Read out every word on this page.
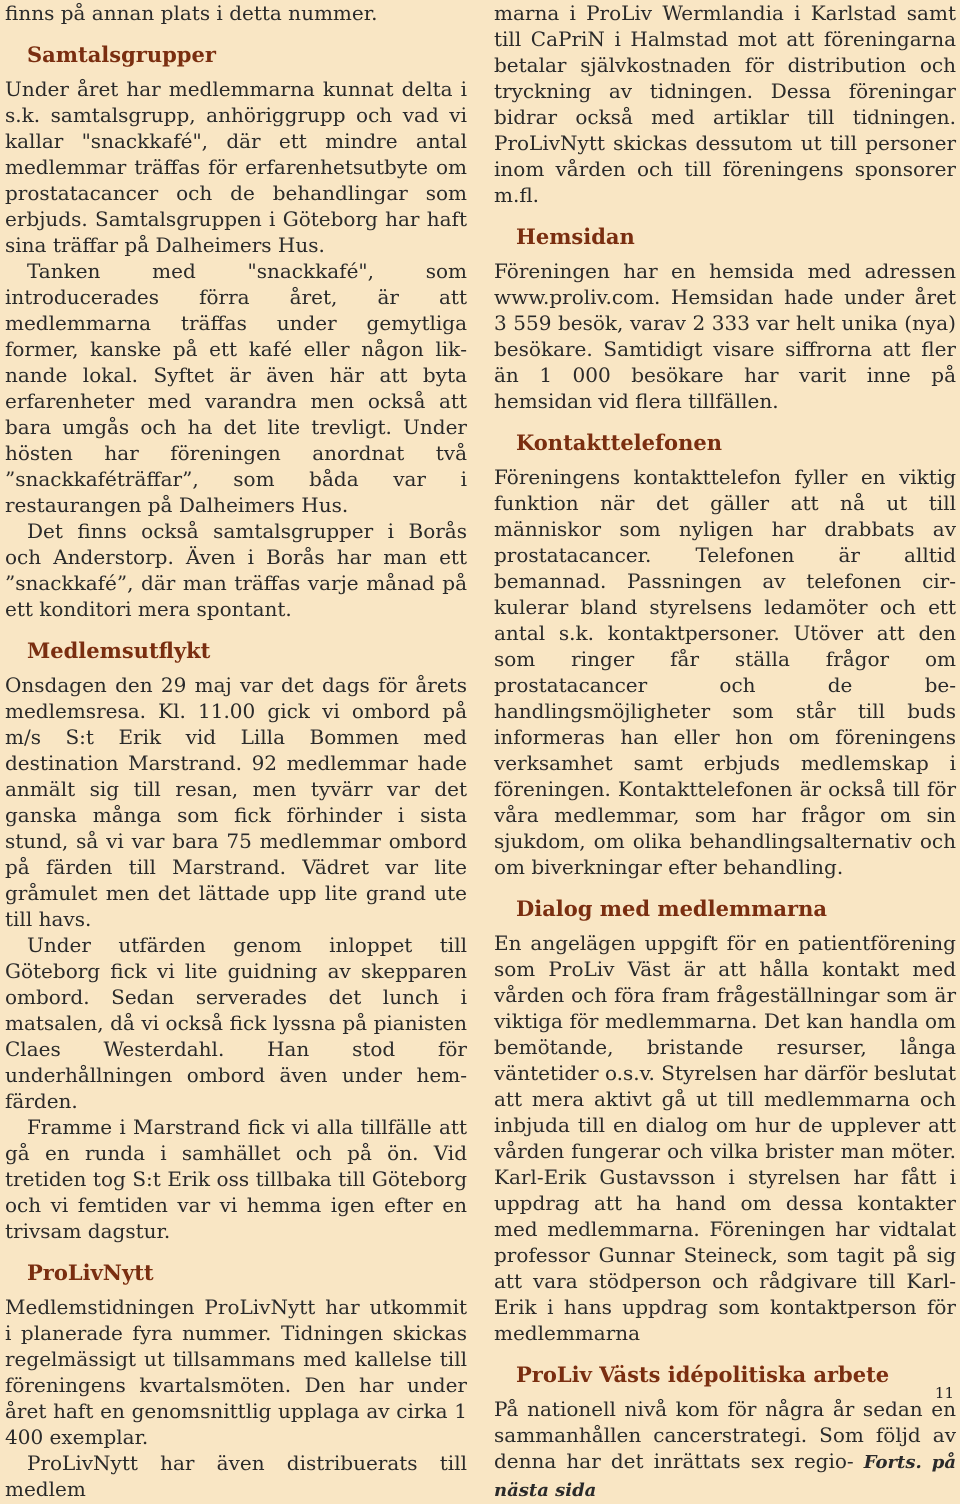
finns på annan plats i detta nummer.

Samtalsgrupper

Under året har medlemmarna kunnat delta i s.k. samtalsgrupp, anhöriggrupp och vad vi kallar "snackkafé", där ett mindre antal medlemmar träffas för erfarenhetsutbyte om prostatacancer och de behandlingar som erbjuds. Samtalsgruppen i Göteborg har haft sina träffar på Dalheimers Hus.

Tanken med "snackkafé", som introducerades förra året, är att medlemmarna träffas under gemytliga former, kanske på ett kafé eller någon liknande lokal. Syftet är även här att byta erfarenheter med varandra men också att bara umgås och ha det lite trevligt. Under hösten har föreningen anordnat två ”snackkaféträffar”, som båda var i restaurangen på Dalheimers Hus.

Det finns också samtalsgrupper i Borås och Anderstorp. Även i Borås har man ett ”snackkafé”, där man träffas varje månad på ett konditori mera spontant.

Medlemsutflykt

Onsdagen den 29 maj var det dags för årets medlemsresa. Kl. 11.00 gick vi ombord på m/s S:t Erik vid Lilla Bommen med destination Marstrand. 92 medlemmar hade anmält sig till resan, men tyvärr var det ganska många som fick förhinder i sista stund, så vi var bara 75 medlemmar ombord på färden till Marstrand. Vädret var lite gråmulet men det lättade upp lite grand ute till havs.

Under utfärden genom inloppet till Göteborg fick vi lite guidning av skepparen ombord. Sedan serverades det lunch i matsalen, då vi också fick lyssna på pianisten Claes Westerdahl. Han stod för underhållningen ombord även under hemfärden.

Framme i Marstrand fick vi alla tillfälle att gå en runda i samhället och på ön. Vid tretiden tog S:t Erik oss tillbaka till Göteborg och vi femtiden var vi hemma igen efter en trivsam dagstur.

ProLivNytt

Medlemstidningen ProLivNytt har utkommit i planerade fyra nummer. Tidningen skickas regelmässigt ut tillsammans med kallelse till föreningens kvartalsmöten. Den har under året haft en genomsnittlig upplaga av cirka 1 400 exemplar.

ProLivNytt har även distribuerats till medlem

marna i ProLiv Wermlandia i Karlstad samt till CaPriN i Halmstad mot att föreningarna betalar självkostnaden för distribution och tryckning av tidningen. Dessa föreningar bidrar också med artiklar till tidningen. ProLivNytt skickas dessutom ut till personer inom vården och till föreningens sponsorer m.fl.

Hemsidan

Föreningen har en hemsida med adressen www.proliv.com. Hemsidan hade under året 3 559 besök, varav 2 333 var helt unika (nya) besökare. Samtidigt visare siffrorna att fler än 1 000 besökare har varit inne på hemsidan vid flera tillfällen.

Kontakttelefonen

Föreningens kontakttelefon fyller en viktig funktion när det gäller att nå ut till människor som nyligen har drabbats av prostatacancer. Telefonen är alltid bemannad. Passningen av telefonen cirkulerar bland styrelsens ledamöter och ett antal s.k. kontaktpersoner. Utöver att den som ringer får ställa frågor om prostatacancer och de behandlingsmöjligheter som står till buds informeras han eller hon om föreningens verksamhet samt erbjuds medlemskap i föreningen. Kontakttelefonen är också till för våra medlemmar, som har frågor om sin sjukdom, om olika behandlingsalternativ och om biverkningar efter behandling.

Dialog med medlemmarna

En angelägen uppgift för en patientförening som ProLiv Väst är att hålla kontakt med vården och föra fram frågeställningar som är viktiga för medlemmarna. Det kan handla om bemötande, bristande resurser, långa väntetider o.s.v. Styrelsen har därför beslutat att mera aktivt gå ut till medlemmarna och inbjuda till en dialog om hur de upplever att vården fungerar och vilka brister man möter. Karl-Erik Gustavsson i styrelsen har fått i uppdrag att ha hand om dessa kontakter med medlemmarna. Föreningen har vidtalat professor Gunnar Steineck, som tagit på sig att vara stödperson och rådgivare till Karl-Erik i hans uppdrag som kontaktperson för medlemmarna

ProLiv Västs idépolitiska arbete

På nationell nivå kom för några år sedan en sammanhållen cancerstrategi. Som följd av denna har det inrättats sex regio- Forts. på nästa sida

11
